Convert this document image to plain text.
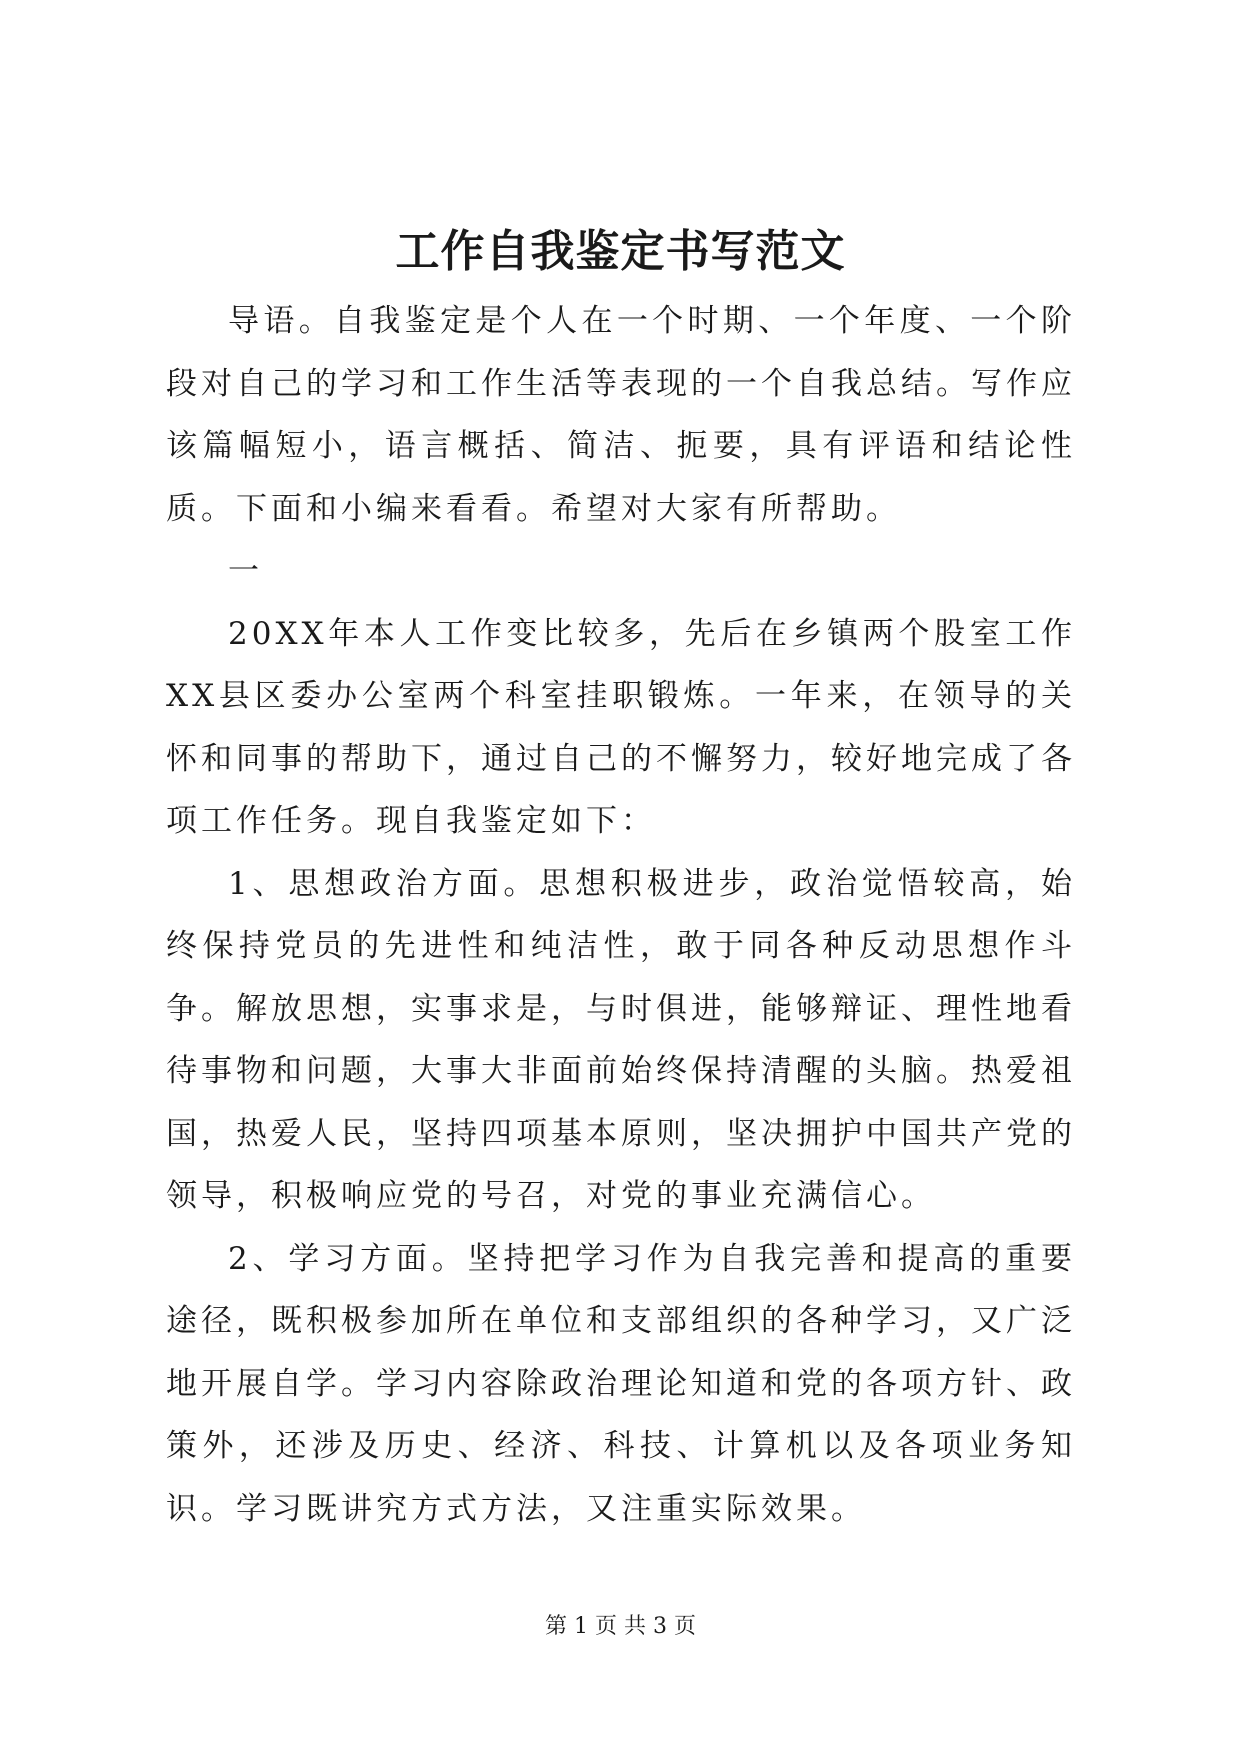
工作自我鉴定书写范文

导语。自我鉴定是个人在一个时期、一个年度、一个阶段对自己的学习和工作生活等表现的一个自我总结。写作应该篇幅短小，语言概括、简洁、扼要，具有评语和结论性质。下面和小编来看看。希望对大家有所帮助。

一

20XX年本人工作变比较多，先后在乡镇两个股室工作XX县区委办公室两个科室挂职锻炼。一年来，在领导的关怀和同事的帮助下，通过自己的不懈努力，较好地完成了各项工作任务。现自我鉴定如下：

1、思想政治方面。思想积极进步，政治觉悟较高，始终保持党员的先进性和纯洁性，敢于同各种反动思想作斗争。解放思想，实事求是，与时俱进，能够辩证、理性地看待事物和问题，大事大非面前始终保持清醒的头脑。热爱祖国，热爱人民，坚持四项基本原则，坚决拥护中国共产党的领导，积极响应党的号召，对党的事业充满信心。

2、学习方面。坚持把学习作为自我完善和提高的重要途径，既积极参加所在单位和支部组织的各种学习，又广泛地开展自学。学习内容除政治理论知道和党的各项方针、政策外，还涉及历史、经济、科技、计算机以及各项业务知识。学习既讲究方式方法，又注重实际效果。

第 1 页 共 3 页
